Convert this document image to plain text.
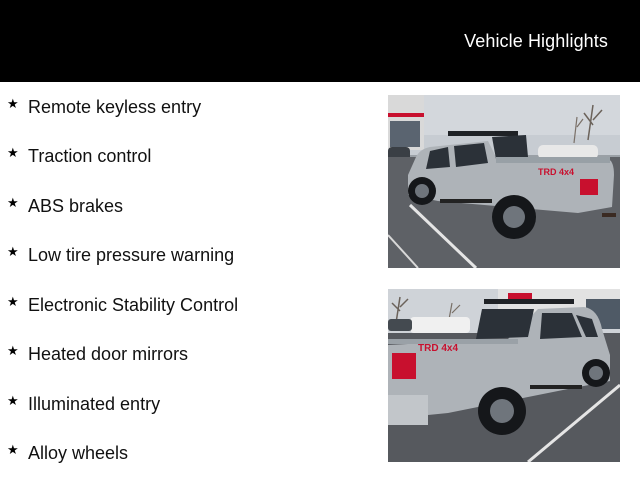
Vehicle Highlights
★ Remote keyless entry
★ Traction control
★ ABS brakes
★ Low tire pressure warning
★ Electronic Stability Control
★ Heated door mirrors
★ Illuminated entry
★ Alloy wheels
TRD 4x4
TRD 4x4
